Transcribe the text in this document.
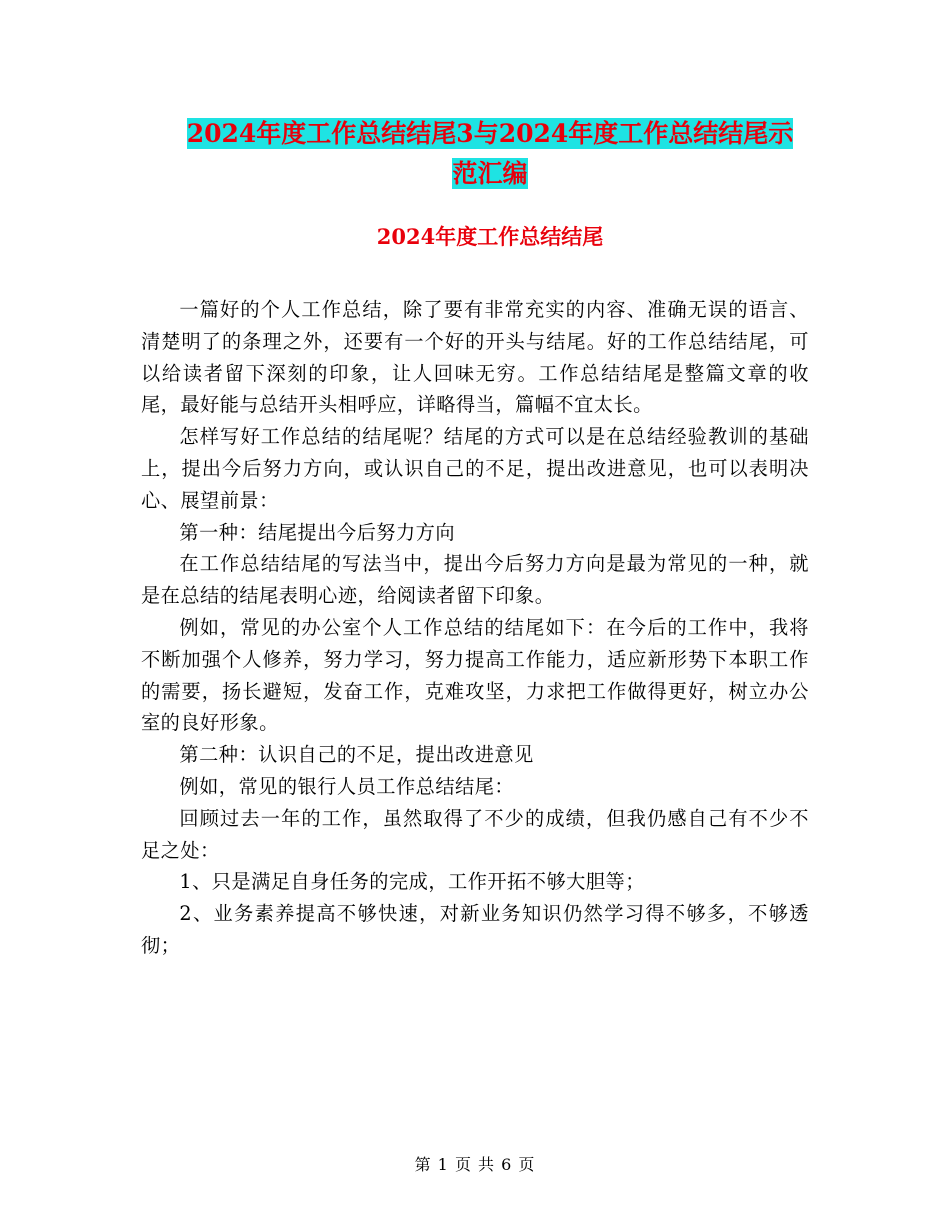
2024年度工作总结结尾3与2024年度工作总结结尾示
范汇编
2024年度工作总结结尾

一篇好的个人工作总结，除了要有非常充实的内容、准确无误的语言、清楚明了的条理之外，还要有一个好的开头与结尾。好的工作总结结尾，可以给读者留下深刻的印象，让人回味无穷。工作总结结尾是整篇文章的收尾，最好能与总结开头相呼应，详略得当，篇幅不宜太长。

怎样写好工作总结的结尾呢？结尾的方式可以是在总结经验教训的基础上，提出今后努力方向，或认识自己的不足，提出改进意见，也可以表明决心、展望前景：

第一种：结尾提出今后努力方向

在工作总结结尾的写法当中，提出今后努力方向是最为常见的一种，就是在总结的结尾表明心迹，给阅读者留下印象。

例如，常见的办公室个人工作总结的结尾如下：在今后的工作中，我将不断加强个人修养，努力学习，努力提高工作能力，适应新形势下本职工作的需要，扬长避短，发奋工作，克难攻坚，力求把工作做得更好，树立办公室的良好形象。

第二种：认识自己的不足，提出改进意见

例如，常见的银行人员工作总结结尾：

回顾过去一年的工作，虽然取得了不少的成绩，但我仍感自己有不少不足之处：

1、只是满足自身任务的完成，工作开拓不够大胆等；

2、业务素养提高不够快速，对新业务知识仍然学习得不够多，不够透彻；

第 1 页 共 6 页
